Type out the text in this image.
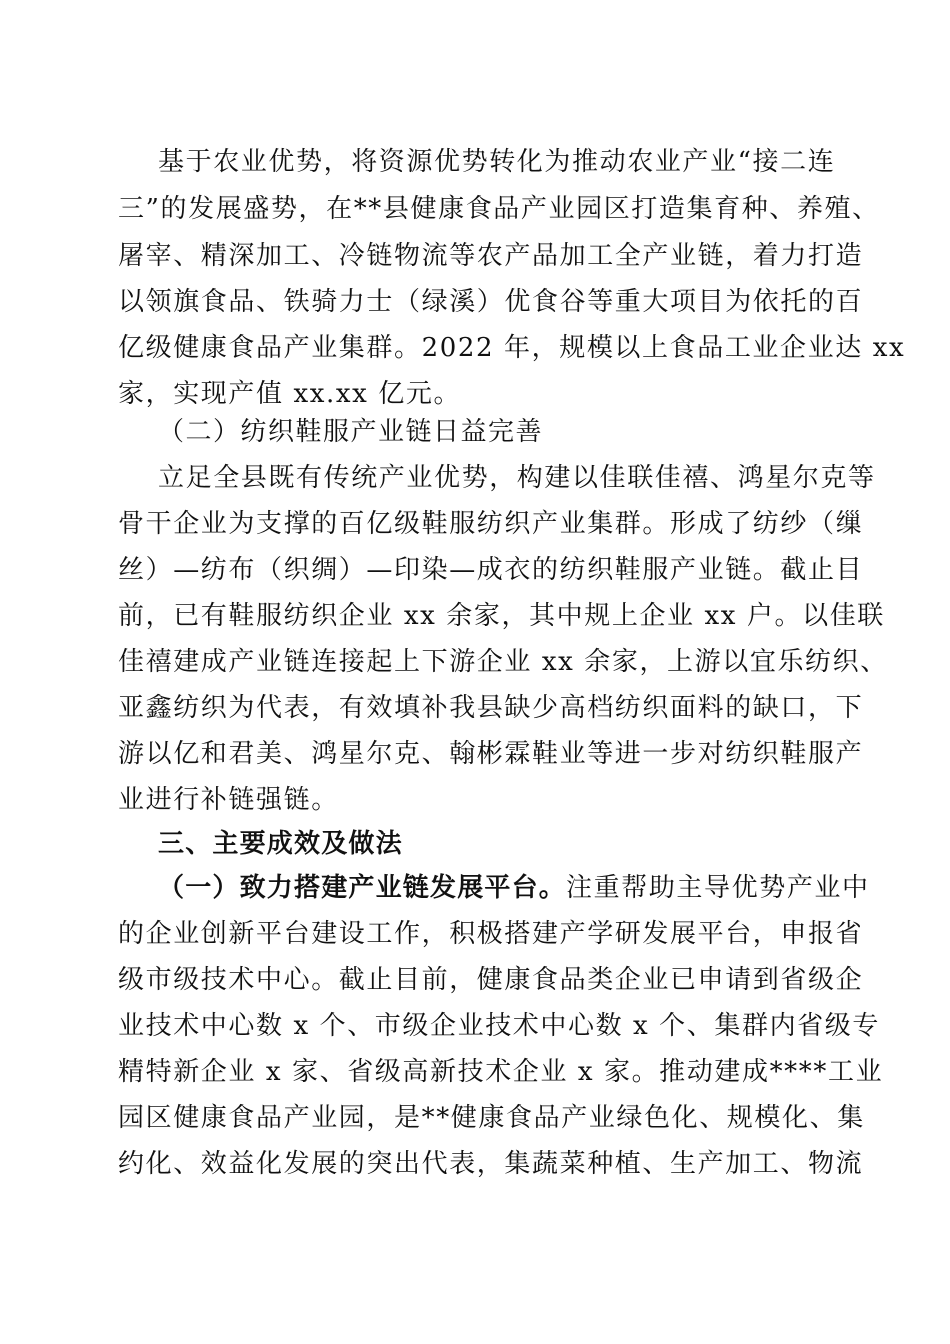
基于农业优势，将资源优势转化为推动农业产业“接二连
三”的发展盛势，在**县健康食品产业园区打造集育种、养殖、
屠宰、精深加工、冷链物流等农产品加工全产业链，着力打造
以领旗食品、铁骑力士（绿溪）优食谷等重大项目为依托的百
亿级健康食品产业集群。2022 年，规模以上食品工业企业达 xx
家，实现产值 xx.xx 亿元。
（二）纺织鞋服产业链日益完善
立足全县既有传统产业优势，构建以佳联佳禧、鸿星尔克等
骨干企业为支撑的百亿级鞋服纺织产业集群。形成了纺纱（缫
丝）—纺布（织绸）—印染—成衣的纺织鞋服产业链。截止目
前，已有鞋服纺织企业 xx 余家，其中规上企业 xx 户。以佳联
佳禧建成产业链连接起上下游企业 xx 余家，上游以宜乐纺织、
亚鑫纺织为代表，有效填补我县缺少高档纺织面料的缺口，下
游以亿和君美、鸿星尔克、翰彬霖鞋业等进一步对纺织鞋服产
业进行补链强链。
三、主要成效及做法
（一）致力搭建产业链发展平台。注重帮助主导优势产业中
的企业创新平台建设工作，积极搭建产学研发展平台，申报省
级市级技术中心。截止目前，健康食品类企业已申请到省级企
业技术中心数 x 个、市级企业技术中心数 x 个、集群内省级专
精特新企业 x 家、省级高新技术企业 x 家。推动建成****工业
园区健康食品产业园，是**健康食品产业绿色化、规模化、集
约化、效益化发展的突出代表，集蔬菜种植、生产加工、物流
